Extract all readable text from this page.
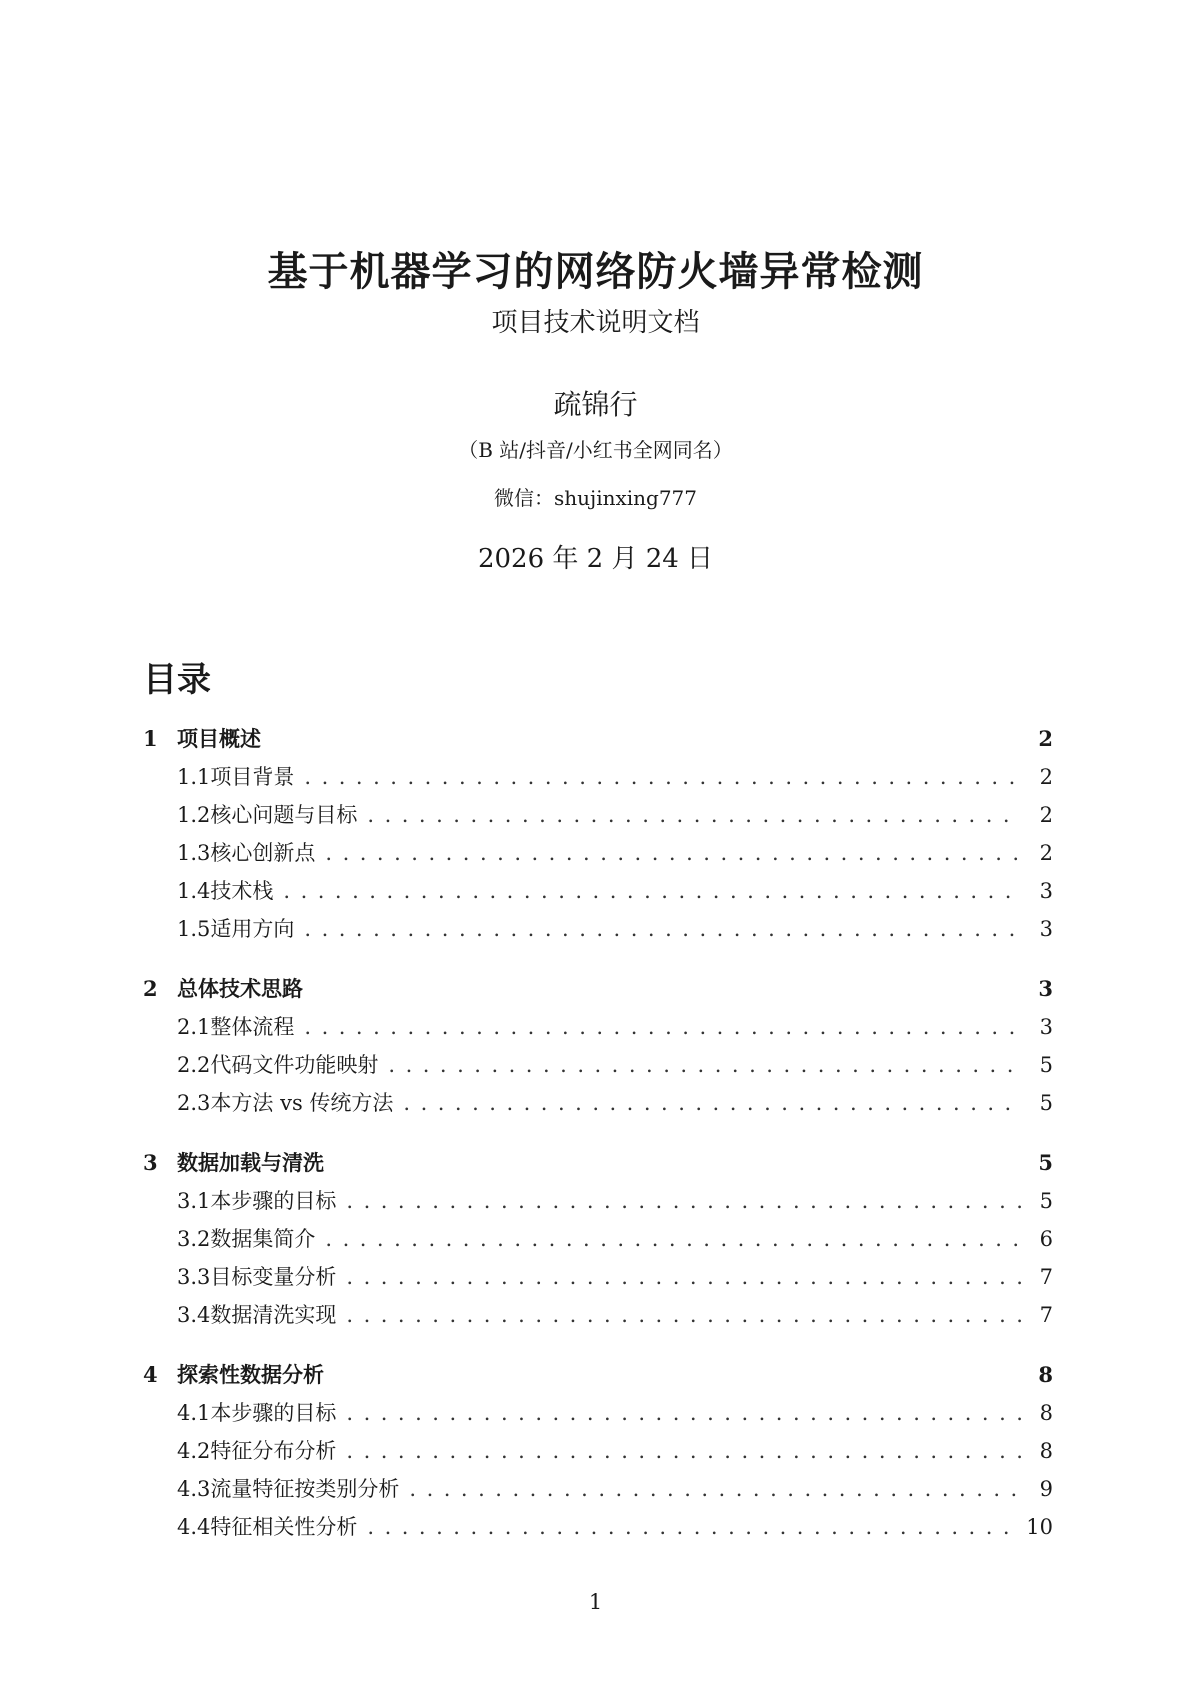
基于机器学习的网络防火墙异常检测
项目技术说明文档
疏锦行
（B 站/抖音/小红书全网同名）
微信：shujinxing777
2026 年 2 月 24 日
目录
1 项目概述	2
1.1 项目背景 .....	2
1.2 核心问题与目标 .....	2
1.3 核心创新点 .....	2
1.4 技术栈 .....	3
1.5 适用方向 .....	3
2 总体技术思路	3
2.1 整体流程 .....	3
2.2 代码文件功能映射 .....	5
2.3 本方法 vs 传统方法 .....	5
3 数据加载与清洗	5
3.1 本步骤的目标 .....	5
3.2 数据集简介 .....	6
3.3 目标变量分析 .....	7
3.4 数据清洗实现 .....	7
4 探索性数据分析	8
4.1 本步骤的目标 .....	8
4.2 特征分布分析 .....	8
4.3 流量特征按类别分析 .....	9
4.4 特征相关性分析 .....	10
1
